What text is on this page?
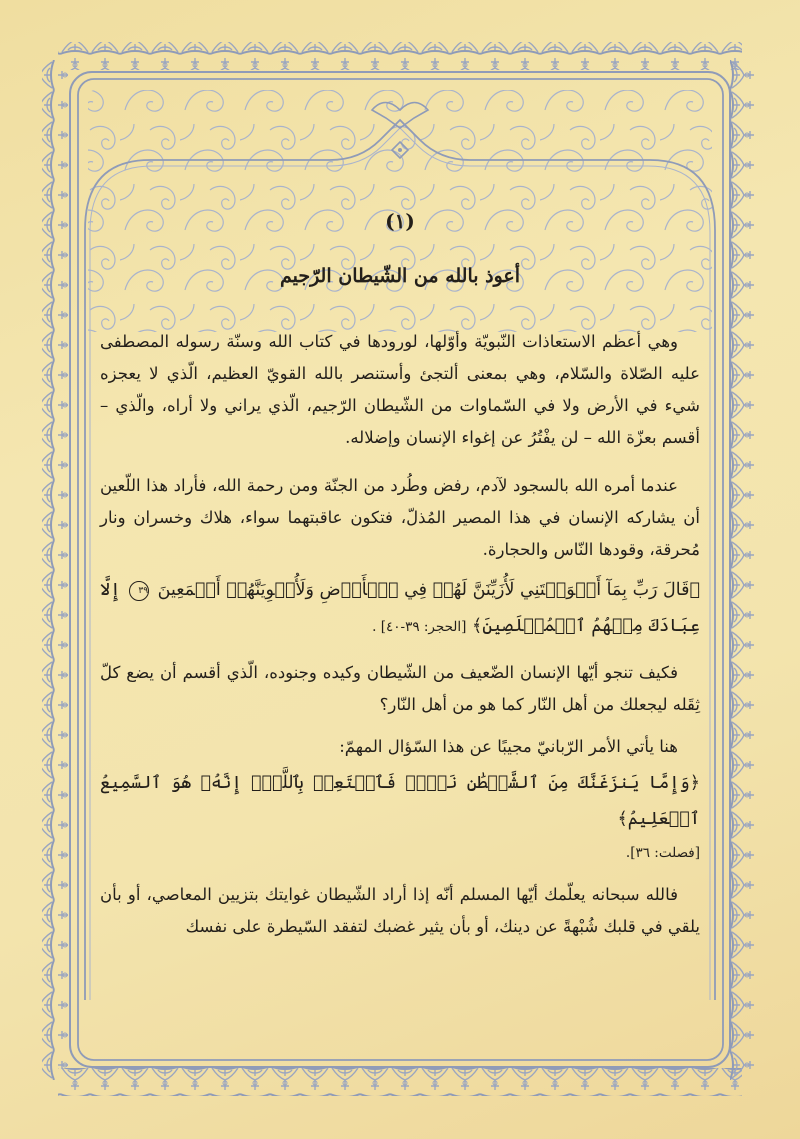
(١)
أعوذ بالله من الشّيطان الرّجيم

وهي أعظم الاستعاذات النّبويّة وأوّلها، لورودها في كتاب الله وسنّة رسوله المصطفى عليه الصّلاة والسّلام، وهي بمعنى ألتجئ وأستنصر بالله القويّ العظيم، الّذي لا يعجزه شيء في الأرض ولا في السّماوات من الشّيطان الرّجيم، الّذي يراني ولا أراه، والّذي – أقسم بعزّة الله – لن يفْتُرُ عن إغواء الإنسان وإضلاله.

عندما أمره الله بالسجود لآدم، رفض وطُرد من الجنّة ومن رحمة الله، فأراد هذا اللّعين أن يشاركه الإنسان في هذا المصير المُذلّ، فتكون عاقبتهما سواء، هلاك وخسران ونار مُحرقة، وقودها النّاس والحجارة.

﴿قَالَ رَبِّ بِمَآ أَغۡوَيۡتَنِي لَأُزَيِّنَنَّ لَهُمۡ فِي ٱلۡأَرۡضِ وَلَأُغۡوِيَنَّهُمۡ أَجۡمَعِينَ ٣٩ إِلَّا عِبَادَكَ مِنۡهُمُ ٱلۡمُخۡلَصِينَ﴾ [الحجر: ٣٩-٤٠] .

فكيف تنجو أيّها الإنسان الضّعيف من الشّيطان وكيده وجنوده، الّذي أقسم أن يضع كلّ ثِقَله ليجعلك من أهل النّار كما هو من أهل النّار؟

هنا يأتي الأمر الرّبانيّ مجيبًا عن هذا السّؤال المهمّ:

﴿وَإِمَّا يَنزَغَنَّكَ مِنَ ٱلشَّيۡطَٰنِ نَزۡغٞ فَٱسۡتَعِذۡ بِٱللَّهِۖ إِنَّهُۥ هُوَ ٱلسَّمِيعُ ٱلۡعَلِيمُ﴾

[فصلت: ٣٦].

فالله سبحانه يعلّمك أيّها المسلم أنّه إذا أراد الشّيطان غوايتك بتزيين المعاصي، أو بأن يلقي في قلبك شُبْهةً عن دينك، أو بأن يثير غضبك لتفقد السّيطرة على نفسك
